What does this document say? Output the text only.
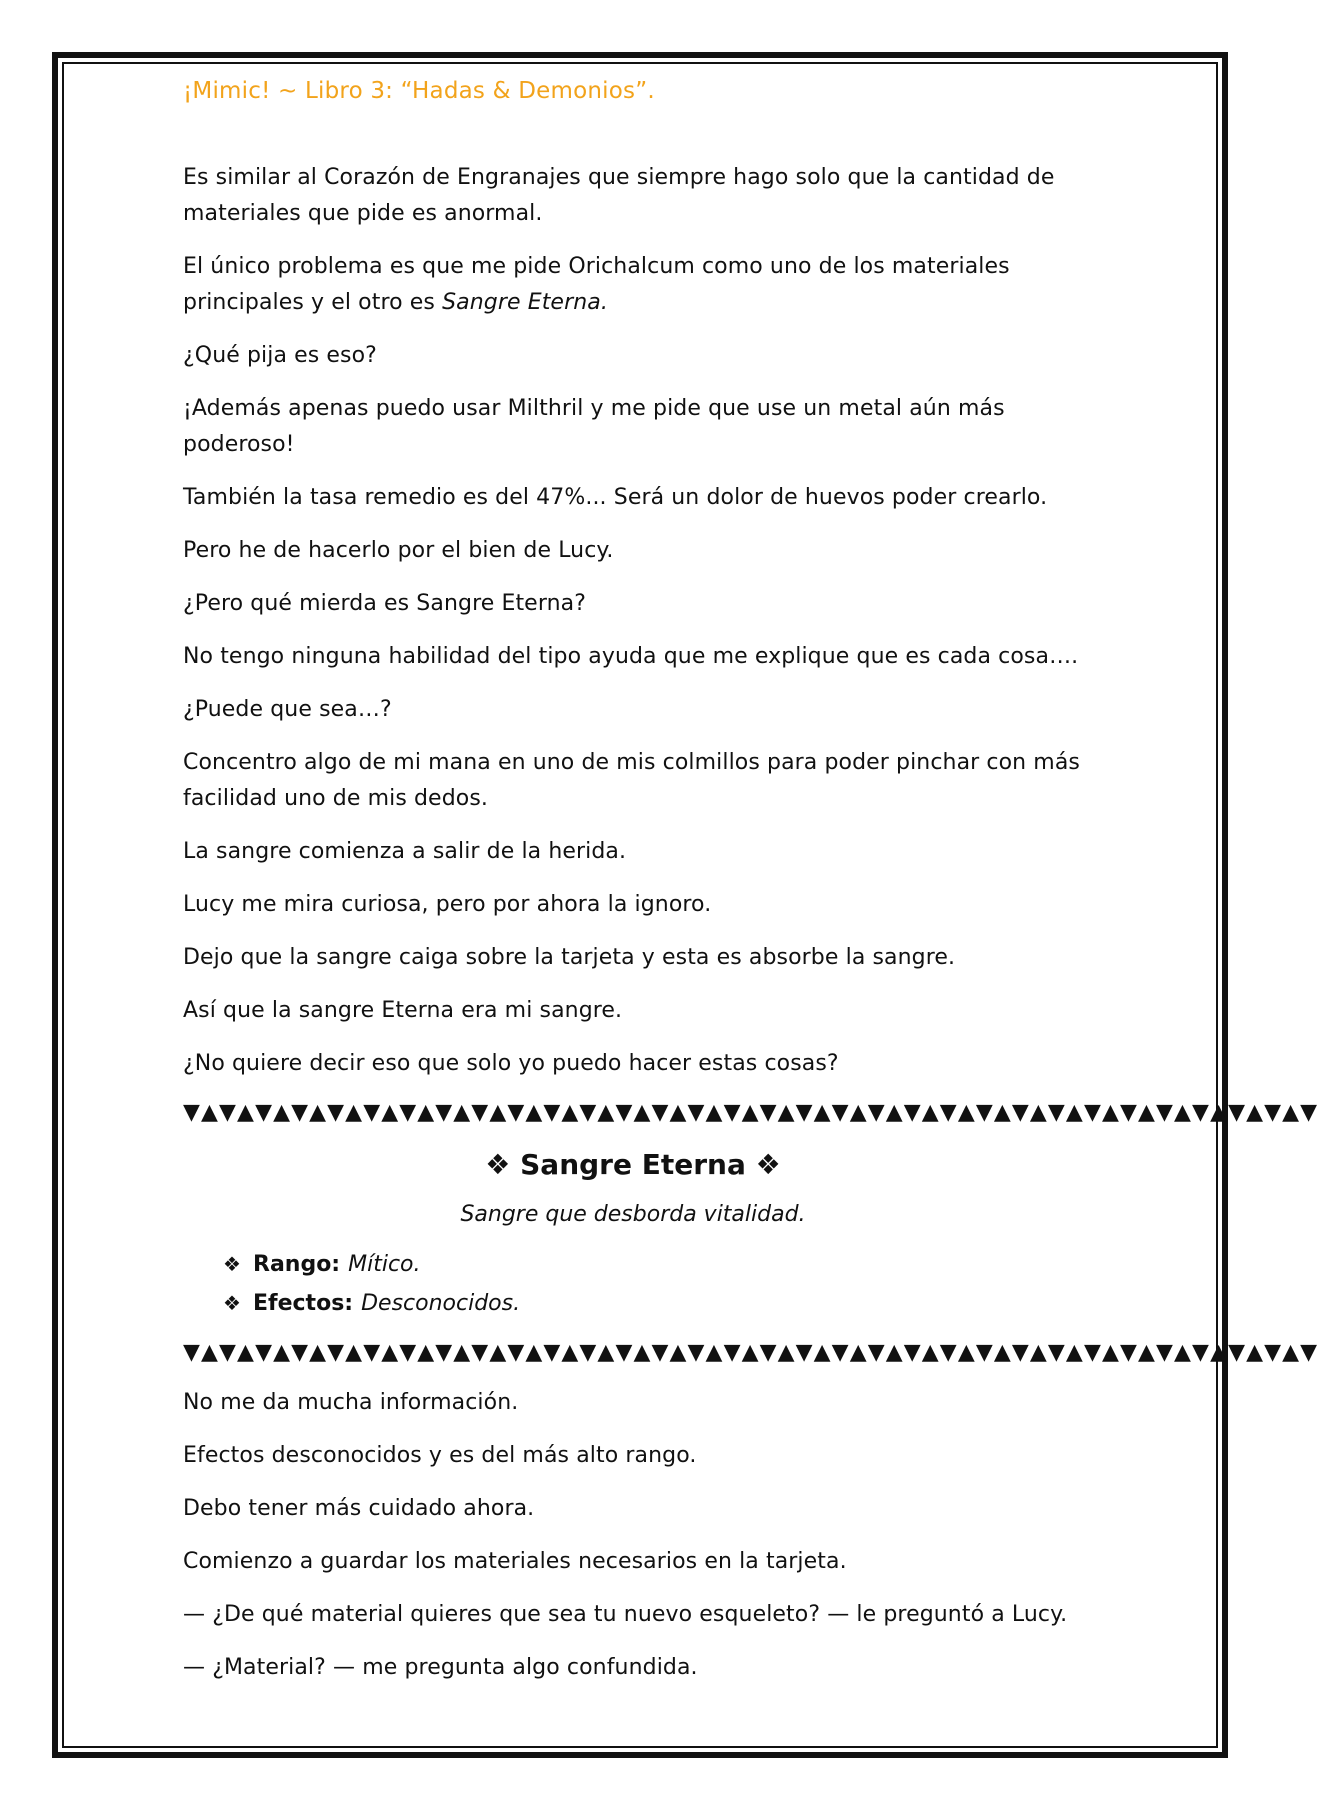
¡Mimic! ~ Libro 3: “Hadas & Demonios”.

Es similar al Corazón de Engranajes que siempre hago solo que la cantidad de materiales que pide es anormal.

El único problema es que me pide Orichalcum como uno de los materiales principales y el otro es Sangre Eterna.

¿Qué pija es eso?

¡Además apenas puedo usar Milthril y me pide que use un metal aún más poderoso!

También la tasa remedio es del 47%... Será un dolor de huevos poder crearlo.

Pero he de hacerlo por el bien de Lucy.

¿Pero qué mierda es Sangre Eterna?

No tengo ninguna habilidad del tipo ayuda que me explique que es cada cosa….

¿Puede que sea…?

Concentro algo de mi mana en uno de mis colmillos para poder pinchar con más facilidad uno de mis dedos.

La sangre comienza a salir de la herida.

Lucy me mira curiosa, pero por ahora la ignoro.

Dejo que la sangre caiga sobre la tarjeta y esta es absorbe la sangre.

Así que la sangre Eterna era mi sangre.

¿No quiere decir eso que solo yo puedo hacer estas cosas?

▼▲▼▲▼▲▼▲▼▲▼▲▼▲▼▲▼▲▼▲▼▲▼▲▼▲▼▲▼▲▼▲▼▲▼▲▼▲▼▲▼▲▼▲▼▲▼▲▼▲▼▲▼▲▼▲▼▲▼▲▼▲▼
❖ Sangre Eterna ❖
Sangre que desborda vitalidad.
❖ Rango: Mítico.
❖ Efectos: Desconocidos.
▼▲▼▲▼▲▼▲▼▲▼▲▼▲▼▲▼▲▼▲▼▲▼▲▼▲▼▲▼▲▼▲▼▲▼▲▼▲▼▲▼▲▼▲▼▲▼▲▼▲▼▲▼▲▼▲▼▲▼▲▼▲▼

No me da mucha información.

Efectos desconocidos y es del más alto rango.

Debo tener más cuidado ahora.

Comienzo a guardar los materiales necesarios en la tarjeta.

— ¿De qué material quieres que sea tu nuevo esqueleto? — le preguntó a Lucy.

— ¿Material? — me pregunta algo confundida.
